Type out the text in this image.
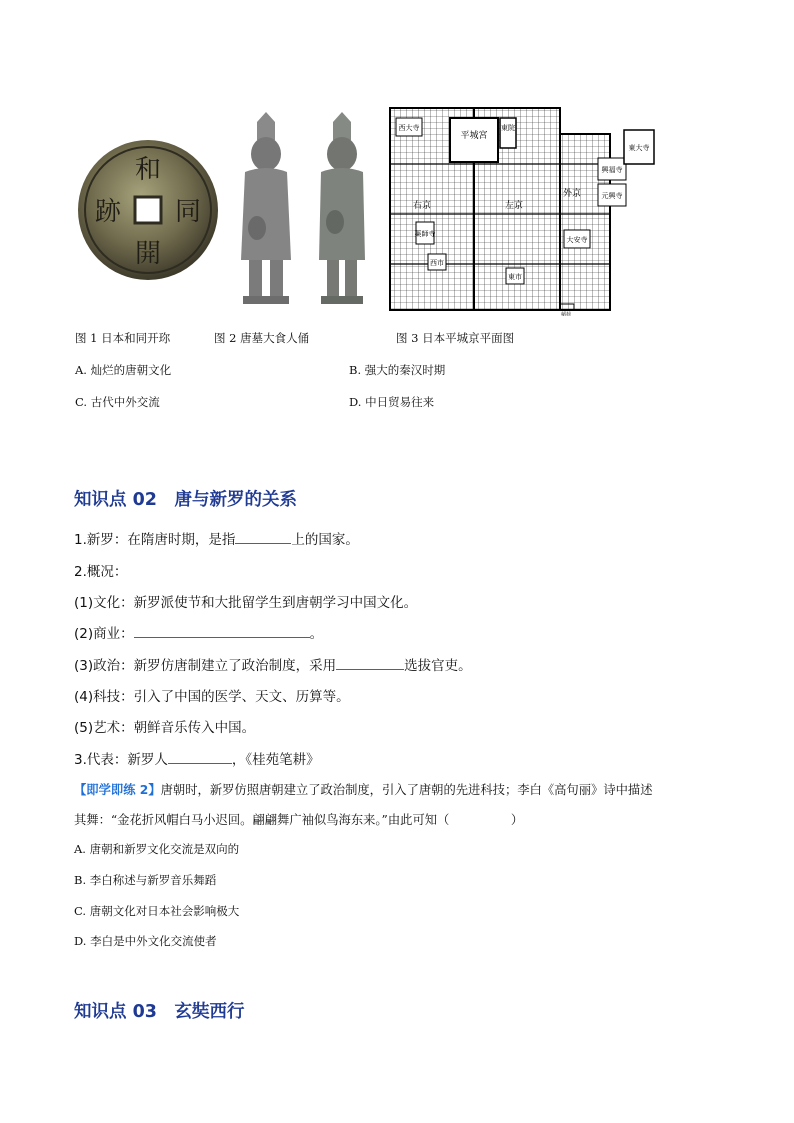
和
開
跡 同
平城宮
東院
西大寺
薬師寺
西市
東市
右京	左京
外京
興福寺
元興寺
大安寺
東大寺
稲荷
图 1 日本和同开珎	图 2 唐墓大食人俑	图 3 日本平城京平面图
A. 灿烂的唐朝文化	B. 强大的秦汉时期
C. 古代中外交流	D. 中日贸易往来
知识点 02　唐与新罗的关系
1.新罗：在隋唐时期，是指	上的国家。
2.概况：
(1)文化：新罗派使节和大批留学生到唐朝学习中国文化。
(2)商业：	。
(3)政治：新罗仿唐制建立了政治制度，采用	选拔官吏。
(4)科技：引入了中国的医学、天文、历算等。
(5)艺术：朝鲜音乐传入中国。
3.代表：新罗人	，《桂苑笔耕》
【即学即练 2】唐朝时，新罗仿照唐朝建立了政治制度，引入了唐朝的先进科技；李白《高句丽》诗中描述
其舞：“金花折风帽白马小迟回。翩翩舞广袖似鸟海东来。”由此可知（　　　　　）
A. 唐朝和新罗文化交流是双向的
B. 李白称述与新罗音乐舞蹈
C. 唐朝文化对日本社会影响极大
D. 李白是中外文化交流使者
知识点 03　玄奘西行
